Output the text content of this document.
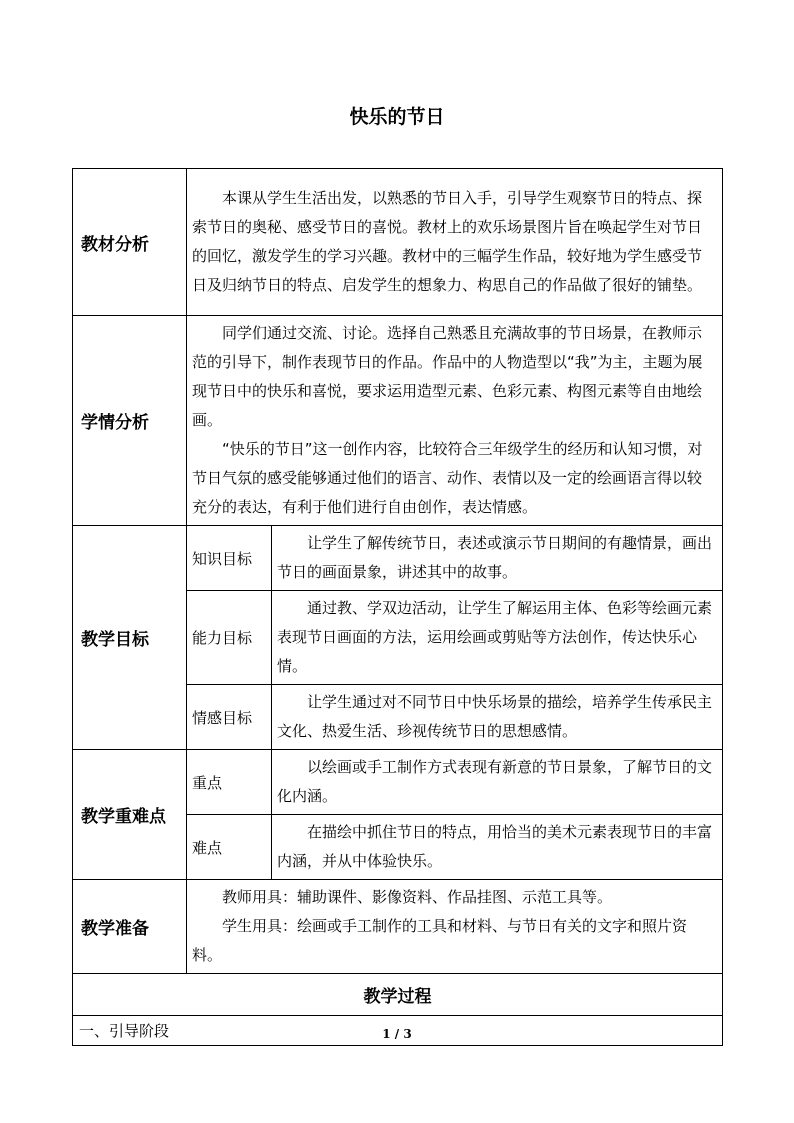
快乐的节日
教材分析	本课从学生生活出发，以熟悉的节日入手，引导学生观察节日的特点、探索节日的奥秘、感受节日的喜悦。教材上的欢乐场景图片旨在唤起学生对节日的回忆，激发学生的学习兴趣。教材中的三幅学生作品，较好地为学生感受节日及归纳节日的特点、启发学生的想象力、构思自己的作品做了很好的铺垫。	

学情分析	同学们通过交流、讨论。选择自己熟悉且充满故事的节日场景，在教师示范的引导下，制作表现节日的作品。作品中的人物造型以“我”为主，主题为展现节日中的快乐和喜悦，要求运用造型元素、色彩元素、构图元素等自由地绘画。

“快乐的节日”这一创作内容，比较符合三年级学生的经历和认知习惯，对节日气氛的感受能够通过他们的语言、动作、表情以及一定的绘画语言得以较充分的表达，有利于他们进行自由创作，表达情感。	

教学目标	知识目标	让学生了解传统节日，表述或演示节日期间的有趣情景，画出节日的画面景象，讲述其中的故事。

	能力目标	通过教、学双边活动，让学生了解运用主体、色彩等绘画元素表现节日画面的方法，运用绘画或剪贴等方法创作，传达快乐心情。

	情感目标	让学生通过对不同节日中快乐场景的描绘，培养学生传承民主文化、热爱生活、珍视传统节日的思想感情。

教学重难点	重点	以绘画或手工制作方式表现有新意的节日景象，了解节日的文化内涵。

	难点	在描绘中抓住节日的特点，用恰当的美术元素表现节日的丰富内涵，并从中体验快乐。

教学准备	教师用具：辅助课件、影像资料、作品挂图、示范工具等。

学生用具：绘画或手工制作的工具和材料、与节日有关的文字和照片资料。	

教学过程		
一、引导阶段			1 / 3
